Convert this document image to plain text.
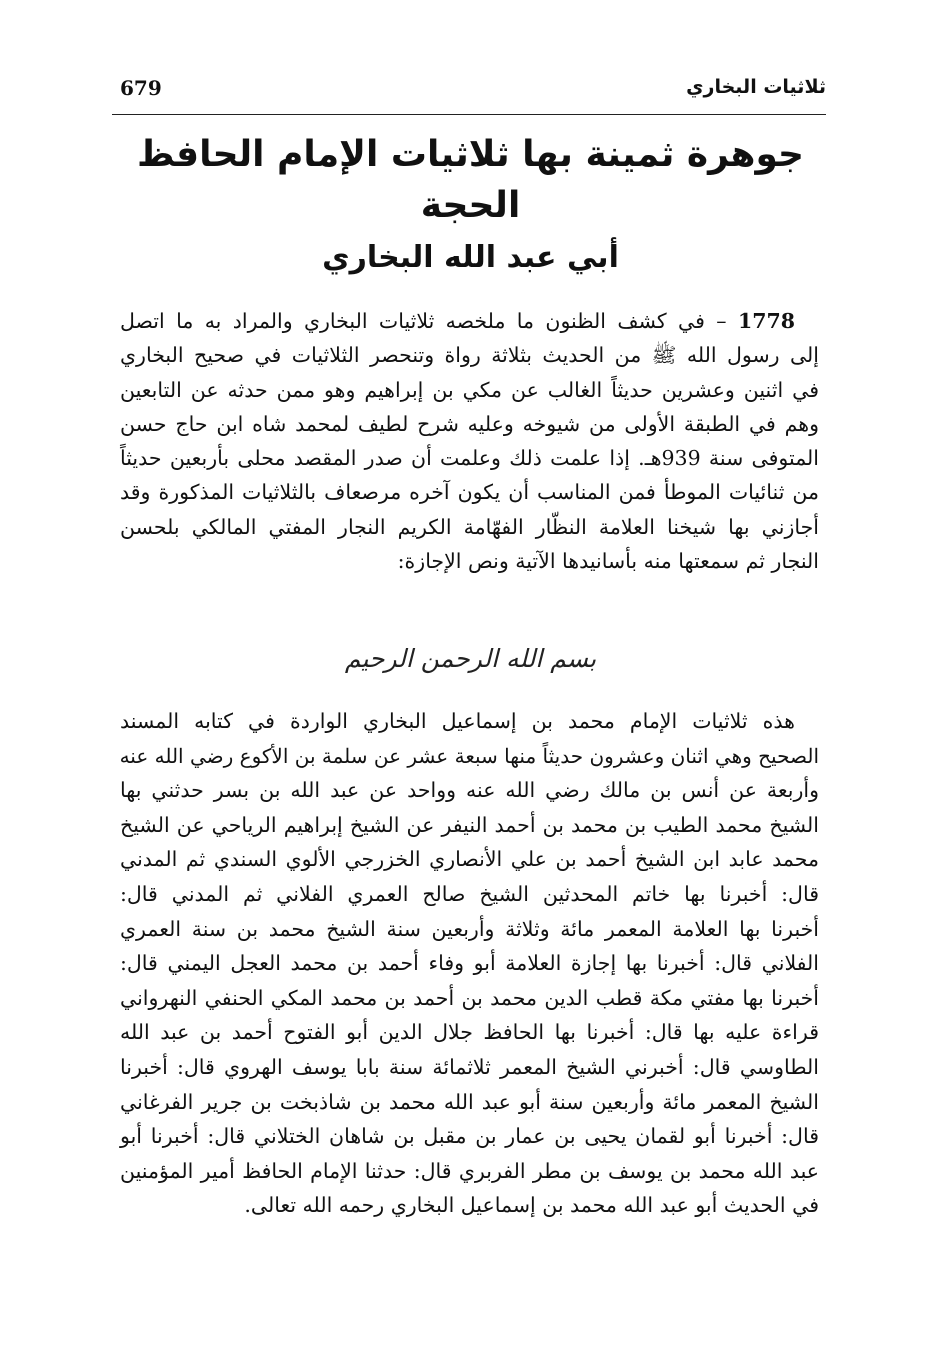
679	ثلاثيات البخاري
جوهرة ثمينة بها ثلاثيات الإمام الحافظ
الحجة
أبي عبد الله البخاري
1778 – في كشف الظنون ما ملخصه ثلاثيات البخاري والمراد به ما اتصل
إلى رسول الله ﷺ من الحديث بثلاثة رواة وتنحصر الثلاثيات في صحيح البخاري
في اثنين وعشرين حديثاً الغالب عن مكي بن إبراهيم وهو ممن حدثه عن التابعين
وهم في الطبقة الأولى من شيوخه وعليه شرح لطيف لمحمد شاه ابن حاج حسن
المتوفى سنة 939هـ. إذا علمت ذلك وعلمت أن صدر المقصد محلى بأربعين حديثاً
من ثنائيات الموطأ فمن المناسب أن يكون آخره مرصعاف بالثلاثيات المذكورة وقد
أجازني بها شيخنا العلامة النظّار الفهّامة الكريم النجار المفتي المالكي بلحسن
النجار ثم سمعتها منه بأسانيدها الآتية ونص الإجازة:
بسم الله الرحمن الرحيم
هذه ثلاثيات الإمام محمد بن إسماعيل البخاري الواردة في كتابه المسند
الصحيح وهي اثنان وعشرون حديثاً منها سبعة عشر عن سلمة بن الأكوع رضي الله عنه
وأربعة عن أنس بن مالك رضي الله عنه وواحد عن عبد الله بن بسر حدثني بها
الشيخ محمد الطيب بن محمد بن أحمد النيفر عن الشيخ إبراهيم الرياحي عن الشيخ
محمد عابد ابن الشيخ أحمد بن علي الأنصاري الخزرجي الألوي السندي ثم المدني
قال: أخبرنا بها خاتم المحدثين الشيخ صالح العمري الفلاني ثم المدني قال:
أخبرنا بها العلامة المعمر مائة وثلاثة وأربعين سنة الشيخ محمد بن سنة العمري
الفلاني قال: أخبرنا بها إجازة العلامة أبو وفاء أحمد بن محمد العجل اليمني قال:
أخبرنا بها مفتي مكة قطب الدين محمد بن أحمد بن محمد المكي الحنفي النهرواني
قراءة عليه بها قال: أخبرنا بها الحافظ جلال الدين أبو الفتوح أحمد بن عبد الله
الطاوسي قال: أخبرني الشيخ المعمر ثلاثمائة سنة بابا يوسف الهروي قال: أخبرنا
الشيخ المعمر مائة وأربعين سنة أبو عبد الله محمد بن شاذبخت بن جرير الفرغاني
قال: أخبرنا أبو لقمان يحيى بن عمار بن مقبل بن شاهان الختلاني قال: أخبرنا أبو
عبد الله محمد بن يوسف بن مطر الفربري قال: حدثنا الإمام الحافظ أمير المؤمنين
في الحديث أبو عبد الله محمد بن إسماعيل البخاري رحمه الله تعالى.
